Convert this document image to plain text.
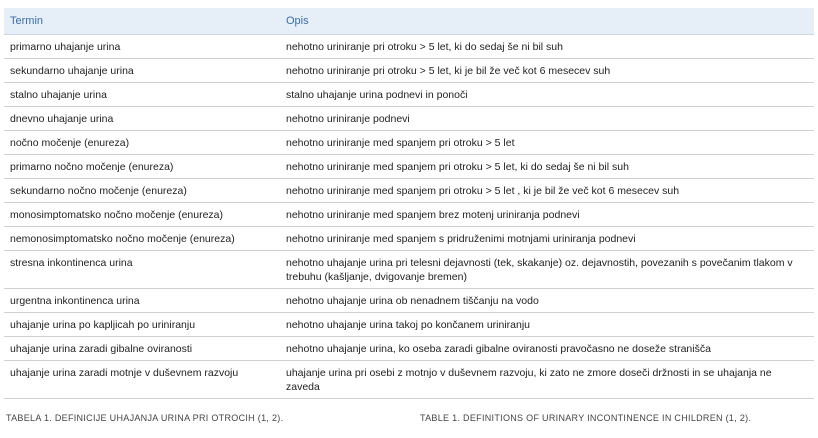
Termin	Opis
primarno uhajanje urina	nehotno uriniranje pri otroku > 5 let, ki do sedaj še ni bil suh
sekundarno uhajanje urina	nehotno uriniranje pri otroku > 5 let, ki je bil že več kot 6 mesecev suh
stalno uhajanje urina	stalno uhajanje urina podnevi in ponoči
dnevno uhajanje urina	nehotno uriniranje podnevi
nočno močenje (enureza)	nehotno uriniranje med spanjem pri otroku > 5 let
primarno nočno močenje (enureza)	nehotno uriniranje med spanjem pri otroku > 5 let, ki do sedaj še ni bil suh
sekundarno nočno močenje (enureza)	nehotno uriniranje med spanjem pri otroku > 5 let , ki je bil že več kot 6 mesecev suh
monosimptomatsko nočno močenje (enureza)	nehotno uriniranje med spanjem brez motenj uriniranja podnevi
nemonosimptomatsko nočno močenje (enureza)	nehotno uriniranje med spanjem s pridruženimi motnjami uriniranja podnevi
stresna inkontinenca urina	nehotno uhajanje urina pri telesni dejavnosti (tek, skakanje) oz. dejavnostih, povezanih s povečanim tlakom v trebuhu (kašljanje, dvigovanje bremen)
urgentna inkontinenca urina	nehotno uhajanje urina ob nenadnem tiščanju na vodo
uhajanje urina po kapljicah po uriniranju	nehotno uhajanje urina takoj po končanem uriniranju
uhajanje urina zaradi gibalne oviranosti	nehotno uhajanje urina, ko oseba zaradi gibalne oviranosti pravočasno ne doseže stranišča
uhajanje urina zaradi motnje v duševnem razvoju	uhajanje urina pri osebi z motnjo v duševnem razvoju, ki zato ne zmore doseči držnosti in se uhajanja ne zaveda
TABELA 1. DEFINICIJE UHAJANJA URINA PRI OTROCIH (1, 2).	TABLE 1. DEFINITIONS OF URINARY INCONTINENCE IN CHILDREN (1, 2).
